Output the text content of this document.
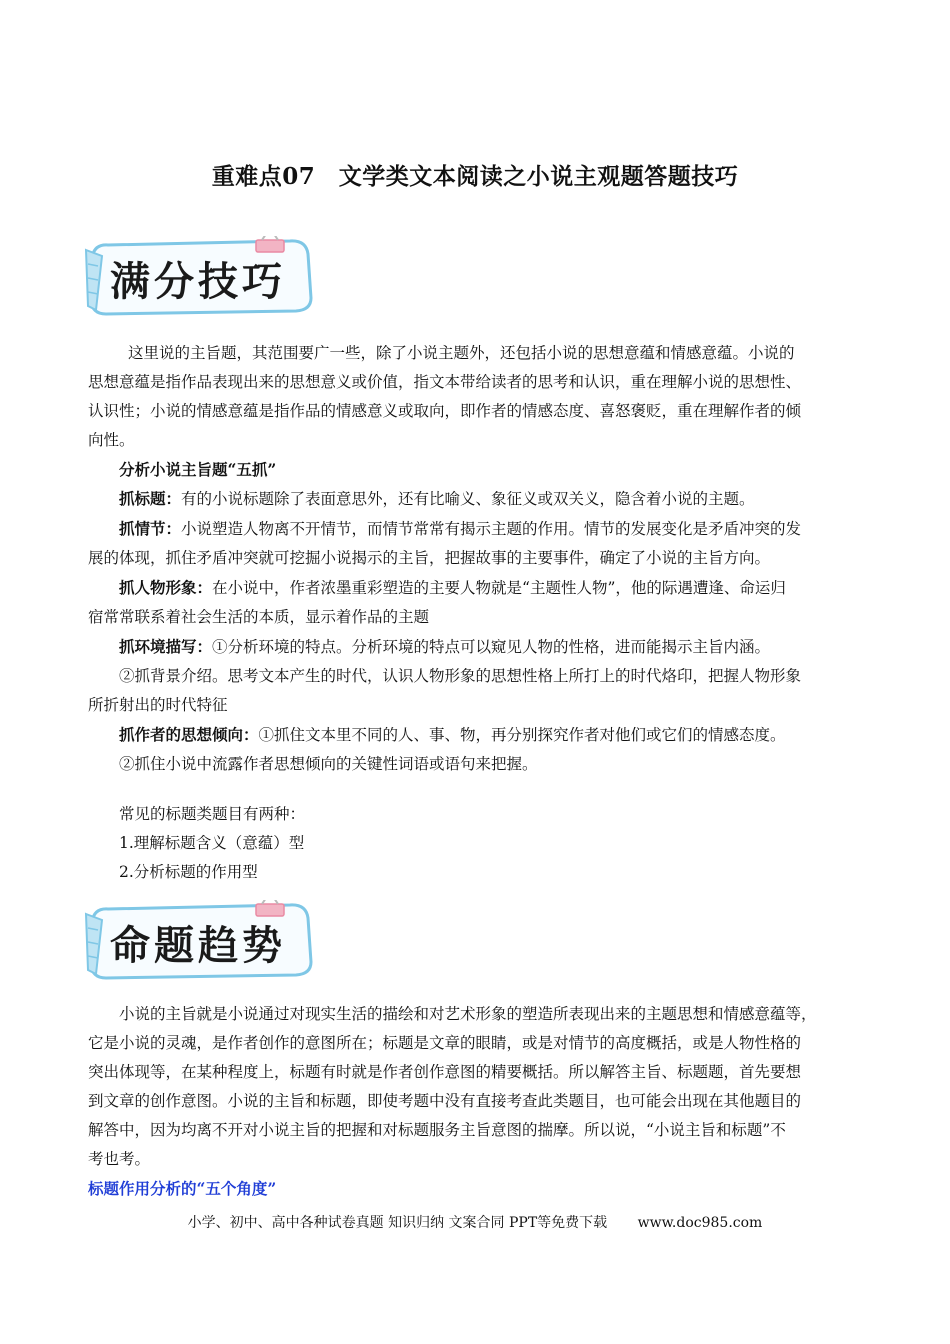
重难点07　文学类文本阅读之小说主观题答题技巧
满分技巧
这里说的主旨题，其范围要广一些，除了小说主题外，还包括小说的思想意蕴和情感意蕴。小说的
思想意蕴是指作品表现出来的思想意义或价值，指文本带给读者的思考和认识，重在理解小说的思想性、
认识性；小说的情感意蕴是指作品的情感意义或取向，即作者的情感态度、喜怒褒贬，重在理解作者的倾
向性。
分析小说主旨题“五抓”
抓标题：有的小说标题除了表面意思外，还有比喻义、象征义或双关义，隐含着小说的主题。
抓情节：小说塑造人物离不开情节，而情节常常有揭示主题的作用。情节的发展变化是矛盾冲突的发
展的体现，抓住矛盾冲突就可挖掘小说揭示的主旨，把握故事的主要事件，确定了小说的主旨方向。
抓人物形象：在小说中，作者浓墨重彩塑造的主要人物就是“主题性人物”，他的际遇遭逢、命运归
宿常常联系着社会生活的本质，显示着作品的主题
抓环境描写：①分析环境的特点。分析环境的特点可以窥见人物的性格，进而能揭示主旨内涵。
②抓背景介绍。思考文本产生的时代，认识人物形象的思想性格上所打上的时代烙印，把握人物形象
所折射出的时代特征
抓作者的思想倾向：①抓住文本里不同的人、事、物，再分别探究作者对他们或它们的情感态度。
②抓住小说中流露作者思想倾向的关键性词语或语句来把握。
常见的标题类题目有两种：
1.理解标题含义（意蕴）型
2.分析标题的作用型
命题趋势
小说的主旨就是小说通过对现实生活的描绘和对艺术形象的塑造所表现出来的主题思想和情感意蕴等，
它是小说的灵魂，是作者创作的意图所在；标题是文章的眼睛，或是对情节的高度概括，或是人物性格的
突出体现等，在某种程度上，标题有时就是作者创作意图的精要概括。所以解答主旨、标题题，首先要想
到文章的创作意图。小说的主旨和标题，即使考题中没有直接考查此类题目，也可能会出现在其他题目的
解答中，因为均离不开对小说主旨的把握和对标题服务主旨意图的揣摩。所以说，“小说主旨和标题”不
考也考。
标题作用分析的“五个角度”
小学、初中、高中各种试卷真题 知识归纳 文案合同 PPT等免费下载 www.doc985.com
